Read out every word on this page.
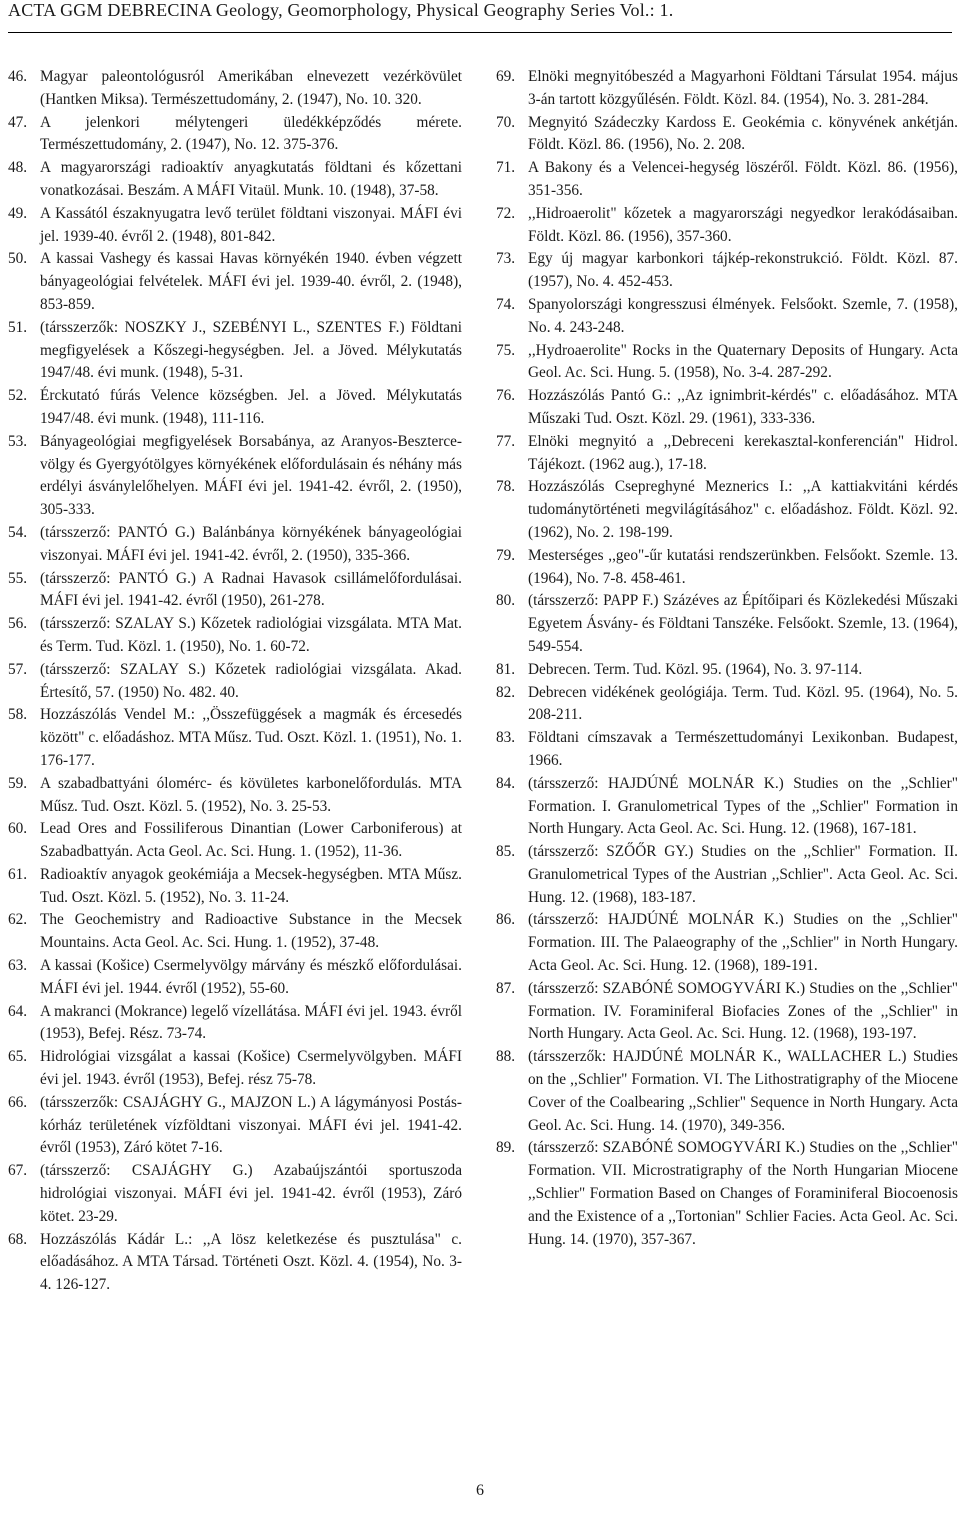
ACTA GGM DEBRECINA Geology, Geomorphology, Physical Geography Series Vol.: 1.
46. Magyar paleontológusról Amerikában elnevezett vezérkövület (Hantken Miksa). Természettudomány, 2. (1947), No. 10. 320.
47. A jelenkori mélytengeri üledékképződés mérete. Természettudomány, 2. (1947), No. 12. 375-376.
48. A magyarországi radioaktív anyagkutatás földtani és kőzettani vonatkozásai. Beszám. A MÁFI Vitaül. Munk. 10. (1948), 37-58.
49. A Kassától északnyugatra levő terület földtani viszonyai. MÁFI évi jel. 1939-40. évről 2. (1948), 801-842.
50. A kassai Vashegy és kassai Havas környékén 1940. évben végzett bányageológiai felvételek. MÁFI évi jel. 1939-40. évről, 2. (1948), 853-859.
51. (társszerzők: NOSZKY J., SZEBÉNYI L., SZENTES F.) Földtani megfigyelések a Kőszegi-hegységben. Jel. a Jöved. Mélykutatás 1947/48. évi munk. (1948), 5-31.
52. Érckutató fúrás Velence községben. Jel. a Jöved. Mélykutatás 1947/48. évi munk. (1948), 111-116.
53. Bányageológiai megfigyelések Borsabánya, az Aranyos-Beszterce-völgy és Gyergyótölgyes környékének előfordulásain és néhány más erdélyi ásványlelőhelyen. MÁFI évi jel. 1941-42. évről, 2. (1950), 305-333.
54. (társszerző: PANTÓ G.) Balánbánya környékének bányageológiai viszonyai. MÁFI évi jel. 1941-42. évről, 2. (1950), 335-366.
55. (társszerző: PANTÓ G.) A Radnai Havasok csillámelőfordulásai. MÁFI évi jel. 1941-42. évről (1950), 261-278.
56. (társszerző: SZALAY S.) Kőzetek radiológiai vizsgálata. MTA Mat. és Term. Tud. Közl. 1. (1950), No. 1. 60-72.
57. (társszerző: SZALAY S.) Kőzetek radiológiai vizsgálata. Akad. Értesítő, 57. (1950) No. 482. 40.
58. Hozzászólás Vendel M.: ,,Összefüggések a magmák és ércesedés között" c. előadáshoz. MTA Műsz. Tud. Oszt. Közl. 1. (1951), No. 1. 176-177.
59. A szabadbattyáni ólomérc- és kövületes karbonelőfordulás. MTA Műsz. Tud. Oszt. Közl. 5. (1952), No. 3. 25-53.
60. Lead Ores and Fossiliferous Dinantian (Lower Carboniferous) at Szabadbattyán. Acta Geol. Ac. Sci. Hung. 1. (1952), 11-36.
61. Radioaktív anyagok geokémiája a Mecsek-hegységben. MTA Műsz. Tud. Oszt. Közl. 5. (1952), No. 3. 11-24.
62. The Geochemistry and Radioactive Substance in the Mecsek Mountains. Acta Geol. Ac. Sci. Hung. 1. (1952), 37-48.
63. A kassai (Košice) Csermelyvölgy márvány és mészkő előfordulásai. MÁFI évi jel. 1944. évről (1952), 55-60.
64. A makranci (Mokrance) legelő vízellátása. MÁFI évi jel. 1943. évről (1953), Befej. Rész. 73-74.
65. Hidrológiai vizsgálat a kassai (Košice) Csermelyvölgyben. MÁFI évi jel. 1943. évről (1953), Befej. rész 75-78.
66. (társszerzők: CSAJÁGHY G., MAJZON L.) A lágymányosi Postás-kórház területének vízföldtani viszonyai. MÁFI évi jel. 1941-42. évről (1953), Záró kötet 7-16.
67. (társszerző: CSAJÁGHY G.) Azabaújszántói sportuszoda hidrológiai viszonyai. MÁFI évi jel. 1941-42. évről (1953), Záró kötet. 23-29.
68. Hozzászólás Kádár L.: ,,A lösz keletkezése és pusztulása" c. előadásához. A MTA Társad. Történeti Oszt. Közl. 4. (1954), No. 3-4. 126-127.
69. Elnöki megnyitóbeszéd a Magyarhoni Földtani Társulat 1954. május 3-án tartott közgyűlésén. Földt. Közl. 84. (1954), No. 3. 281-284.
70. Megnyitó Szádeczky Kardoss E. Geokémia c. könyvének ankétján. Földt. Közl. 86. (1956), No. 2. 208.
71. A Bakony és a Velencei-hegység löszéről. Földt. Közl. 86. (1956), 351-356.
72. ,,Hidroaerolit" kőzetek a magyarországi negyedkor lerakódásaiban. Földt. Közl. 86. (1956), 357-360.
73. Egy új magyar karbonkori tájkép-rekonstrukció. Földt. Közl. 87. (1957), No. 4. 452-453.
74. Spanyolországi kongresszusi élmények. Felsőokt. Szemle, 7. (1958), No. 4. 243-248.
75. ,,Hydroaerolite" Rocks in the Quaternary Deposits of Hungary. Acta Geol. Ac. Sci. Hung. 5. (1958), No. 3-4. 287-292.
76. Hozzászólás Pantó G.: ,,Az ignimbrit-kérdés" c. előadásához. MTA Műszaki Tud. Oszt. Közl. 29. (1961), 333-336.
77. Elnöki megnyitó a ,,Debreceni kerekasztal-konferencián" Hidrol. Tájékozt. (1962 aug.), 17-18.
78. Hozzászólás Csepreghyné Meznerics I.: ,,A kattiakvitáni kérdés tudománytörténeti megvilágításához" c. előadáshoz. Földt. Közl. 92. (1962), No. 2. 198-199.
79. Mesterséges ,,geo"-űr kutatási rendszerünkben. Felsőokt. Szemle. 13. (1964), No. 7-8. 458-461.
80. (társszerző: PAPP F.) Százéves az Építőipari és Közlekedési Műszaki Egyetem Ásvány- és Földtani Tanszéke. Felsőokt. Szemle, 13. (1964), 549-554.
81. Debrecen. Term. Tud. Közl. 95. (1964), No. 3. 97-114.
82. Debrecen vidékének geológiája. Term. Tud. Közl. 95. (1964), No. 5. 208-211.
83. Földtani címszavak a Természettudományi Lexikonban. Budapest, 1966.
84. (társszerző: HAJDÚNÉ MOLNÁR K.) Studies on the ,,Schlier" Formation. I. Granulometrical Types of the ,,Schlier" Formation in North Hungary. Acta Geol. Ac. Sci. Hung. 12. (1968), 167-181.
85. (társszerző: SZŐŐR GY.) Studies on the ,,Schlier" Formation. II. Granulometrical Types of the Austrian ,,Schlier". Acta Geol. Ac. Sci. Hung. 12. (1968), 183-187.
86. (társszerző: HAJDÚNÉ MOLNÁR K.) Studies on the ,,Schlier" Formation. III. The Palaeography of the ,,Schlier" in North Hungary. Acta Geol. Ac. Sci. Hung. 12. (1968), 189-191.
87. (társszerző: SZABÓNÉ SOMOGYVÁRI K.) Studies on the ,,Schlier" Formation. IV. Foraminiferal Biofacies Zones of the ,,Schlier" in North Hungary. Acta Geol. Ac. Sci. Hung. 12. (1968), 193-197.
88. (társszerzők: HAJDÚNÉ MOLNÁR K., WALLACHER L.) Studies on the ,,Schlier" Formation. VI. The Lithostratigraphy of the Miocene Cover of the Coalbearing ,,Schlier" Sequence in North Hungary. Acta Geol. Ac. Sci. Hung. 14. (1970), 349-356.
89. (társszerző: SZABÓNÉ SOMOGYVÁRI K.) Studies on the ,,Schlier" Formation. VII. Microstratigraphy of the North Hungarian Miocene ,,Schlier" Formation Based on Changes of Foraminiferal Biocoenosis and the Existence of a ,,Tortonian" Schlier Facies. Acta Geol. Ac. Sci. Hung. 14. (1970), 357-367.
6
